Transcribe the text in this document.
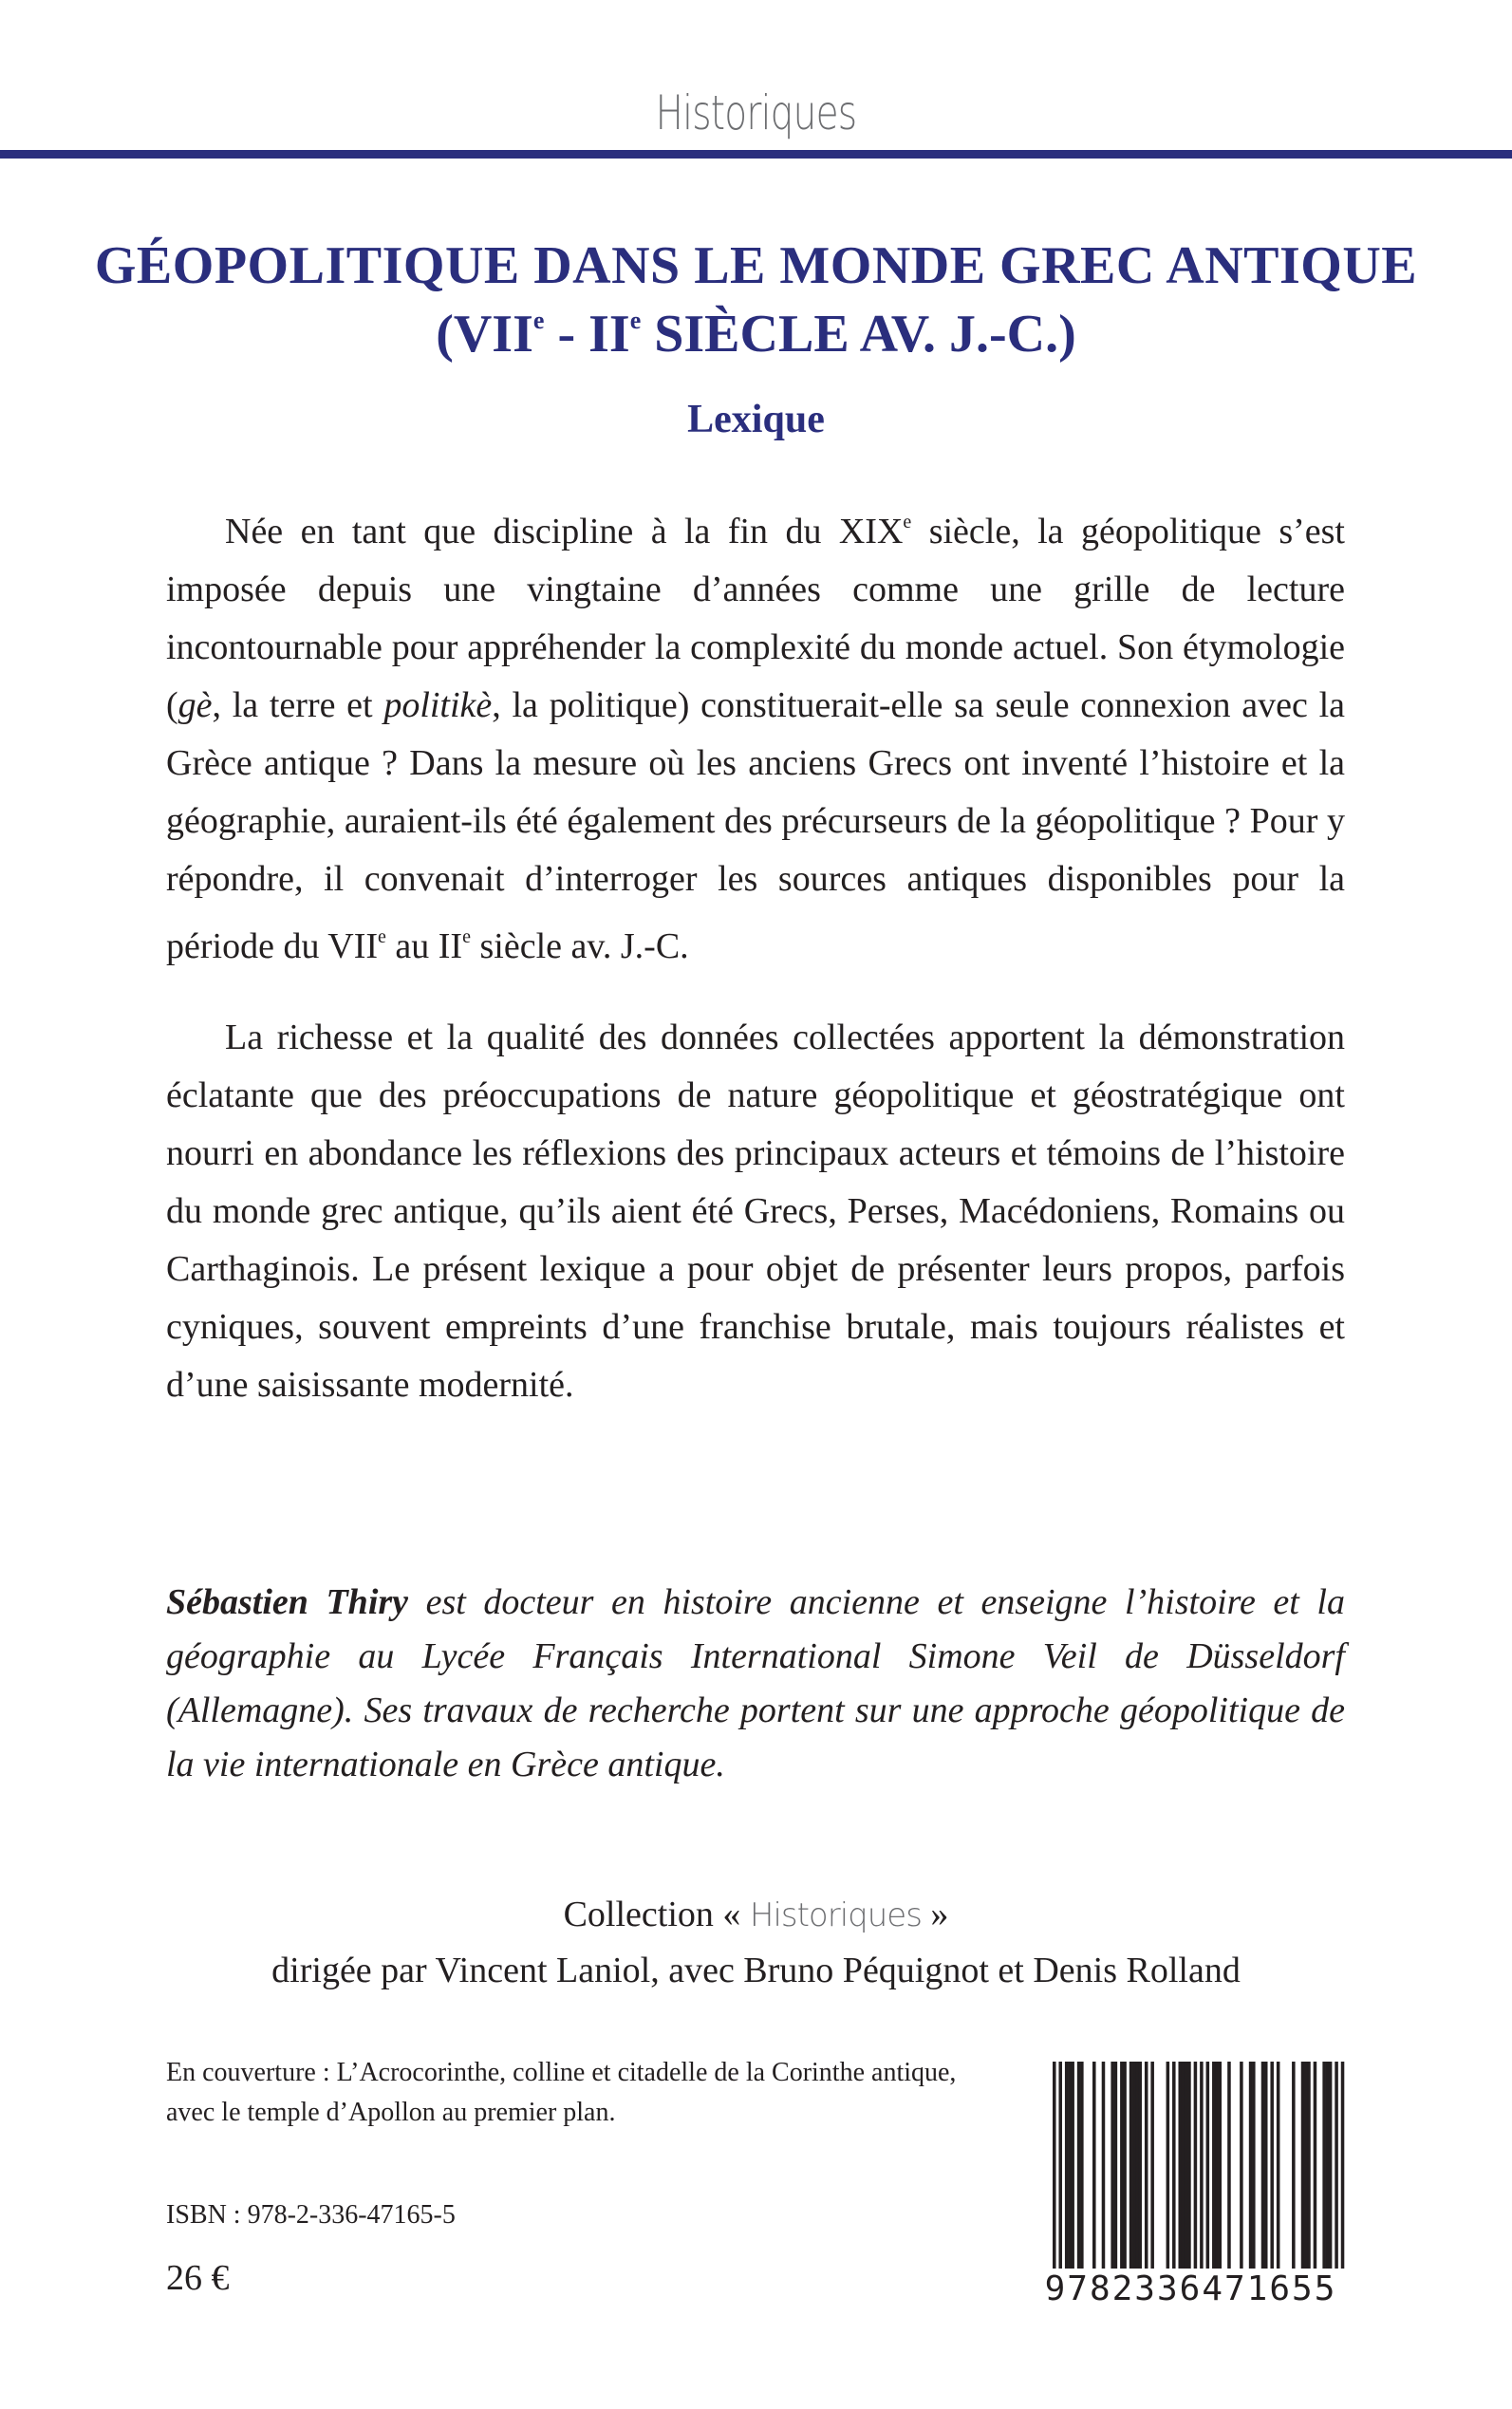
Historiques
GÉOPOLITIQUE DANS LE MONDE GREC ANTIQUE
(VIIe - IIe SIÈCLE AV. J.-C.)
Lexique

Née en tant que discipline à la fin du XIXe siècle, la géopolitique s’est imposée depuis une vingtaine d’années comme une grille de lecture incontournable pour appréhender la complexité du monde actuel. Son étymologie (gè, la terre et politikè, la politique) constituerait-elle sa seule connexion avec la Grèce antique ? Dans la mesure où les anciens Grecs ont inventé l’histoire et la géographie, auraient-ils été également des précurseurs de la géopolitique ? Pour y répondre, il convenait d’interroger les sources antiques disponibles pour la période du VIIe au IIe siècle av. J.-C.

La richesse et la qualité des données collectées apportent la démonstration éclatante que des préoccupations de nature géopolitique et géostratégique ont nourri en abondance les réflexions des principaux acteurs et témoins de l’histoire du monde grec antique, qu’ils aient été Grecs, Perses, Macédoniens, Romains ou Carthaginois. Le présent lexique a pour objet de présenter leurs propos, parfois cyniques, souvent empreints d’une franchise brutale, mais toujours réalistes et d’une saisissante modernité.

Sébastien Thiry est docteur en histoire ancienne et enseigne l’histoire et la géographie au Lycée Français International Simone Veil de Düsseldorf (Allemagne). Ses travaux de recherche portent sur une approche géopolitique de la vie internationale en Grèce antique.
Collection « Historiques »
dirigée par Vincent Laniol, avec Bruno Péquignot et Denis Rolland
En couverture : L’Acrocorinthe, colline et citadelle de la Corinthe antique, avec le temple d’Apollon au premier plan.
ISBN : 978-2-336-47165-5
26 €	9782336471655
